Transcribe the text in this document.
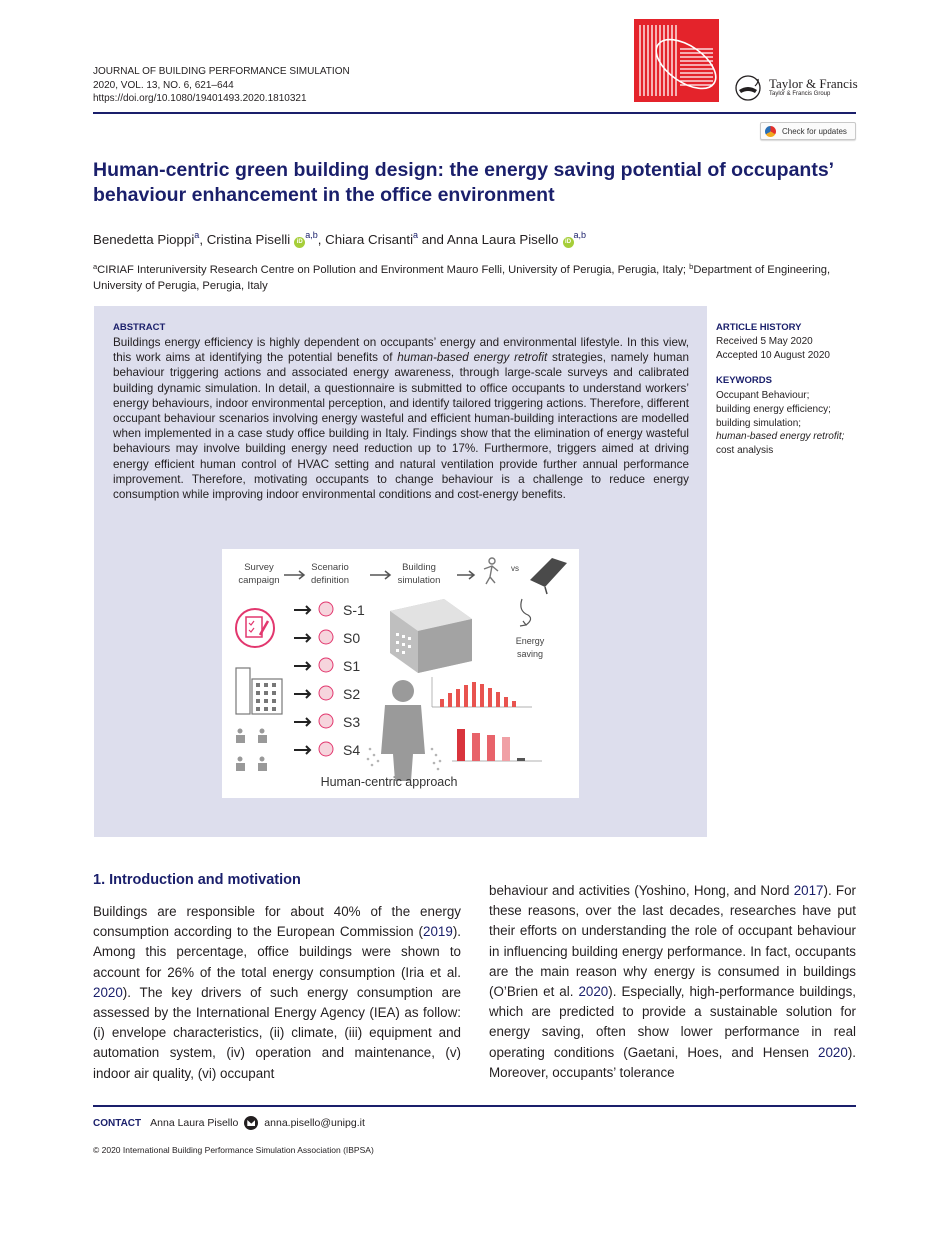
JOURNAL OF BUILDING PERFORMANCE SIMULATION
2020, VOL. 13, NO. 6, 621–644
https://doi.org/10.1080/19401493.2020.1810321
Taylor & Francis
Taylor & Francis Group
Check for updates
Human-centric green building design: the energy saving potential of occupants’ behaviour enhancement in the office environment
Benedetta Pioppi$^a$, Cristina Piselli iD$^{a,b}$, Chiara Crisanti$^a$ and Anna Laura Pisello iD$^{a,b}$
$^a$CIRIAF Interuniversity Research Centre on Pollution and Environment Mauro Felli, University of Perugia, Perugia, Italy; $^b$Department of Engineering, University of Perugia, Perugia, Italy
ABSTRACT
Buildings energy efficiency is highly dependent on occupants’ energy and environmental lifestyle. In this view, this work aims at identifying the potential benefits of human-based energy retrofit strategies, namely human behaviour triggering actions and associated energy awareness, through large-scale surveys and calibrated building dynamic simulation. In detail, a questionnaire is submitted to office occupants to understand workers’ energy behaviours, indoor environmental perception, and identify tailored triggering actions. Therefore, different occupant behaviour scenarios involving energy wasteful and efficient human-building interactions are modelled when implemented in a case study office building in Italy. Findings show that the elimination of energy wasteful behaviours may involve building energy need reduction up to 17%. Furthermore, triggers aimed at driving energy efficient human control of HVAC setting and natural ventilation provide further annual performance improvement. Therefore, motivating occupants to change behaviour is a challenge to reduce energy consumption while improving indoor environmental conditions and cost-energy benefits.
Survey
campaign
Scenario
definition
Building
simulation
vs
Energy
saving
S-1
S0
S1
S2
S3
S4
Human-centric approach
ARTICLE HISTORY
Received 5 May 2020
Accepted 10 August 2020
KEYWORDS
Occupant Behaviour;
building energy efficiency;
building simulation;
human-based energy retrofit;
cost analysis
1. Introduction and motivation
Buildings are responsible for about 40% of the energy consumption according to the European Commission (2019). Among this percentage, office buildings were shown to account for 26% of the total energy consumption (Iria et al. 2020). The key drivers of such energy consumption are assessed by the International Energy Agency (IEA) as follow: (i) envelope characteristics, (ii) climate, (iii) equipment and automation system, (iv) operation and maintenance, (v) indoor air quality, (vi) occupant
behaviour and activities (Yoshino, Hong, and Nord 2017). For these reasons, over the last decades, researches have put their efforts on understanding the role of occupant behaviour in influencing building energy performance. In fact, occupants are the main reason why energy is consumed in buildings (O’Brien et al. 2020). Especially, high-performance buildings, which are predicted to provide a sustainable solution for energy saving, often show lower performance in real operating conditions (Gaetani, Hoes, and Hensen 2020). Moreover, occupants’ tolerance
CONTACT Anna Laura Pisello anna.pisello@unipg.it
© 2020 International Building Performance Simulation Association (IBPSA)
